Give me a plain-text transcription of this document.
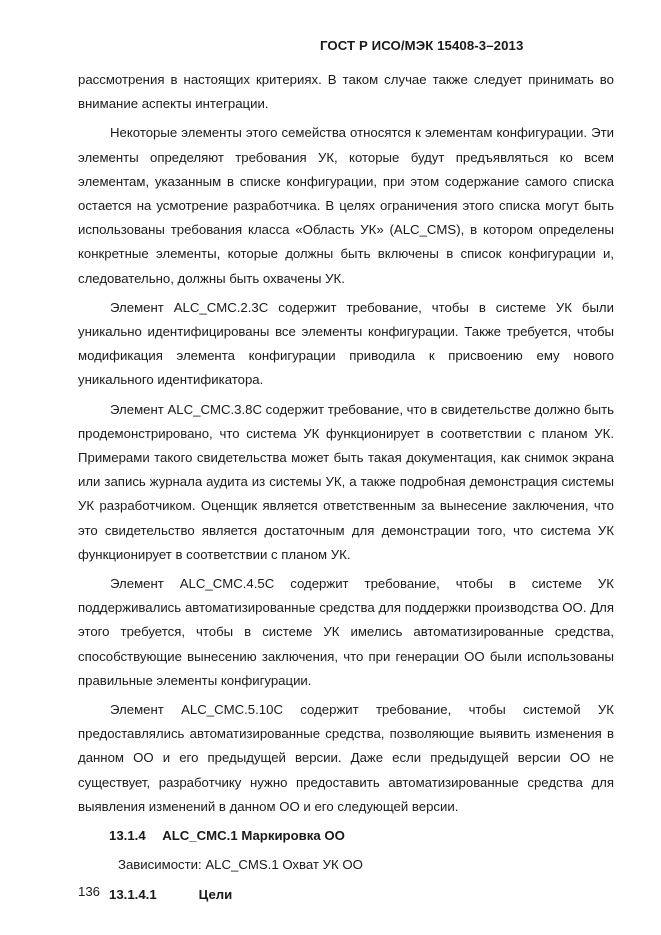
ГОСТ Р ИСО/МЭК 15408-3–2013

рассмотрения в настоящих критериях. В таком случае также следует принимать во внимание аспекты интеграции.

Некоторые элементы этого семейства относятся к элементам конфигурации. Эти элементы определяют требования УК, которые будут предъявляться ко всем элементам, указанным в списке конфигурации, при этом содержание самого списка остается на усмотрение разработчика. В целях ограничения этого списка могут быть использованы требования класса «Область УК» (ALC_CMS), в котором определены конкретные элементы, которые должны быть включены в список конфигурации и, следовательно, должны быть охвачены УК.

Элемент ALC_CMC.2.3C содержит требование, чтобы в системе УК были уникально идентифицированы все элементы конфигурации. Также требуется, чтобы модификация элемента конфигурации приводила к присвоению ему нового уникального идентификатора.

Элемент ALC_CMC.3.8C содержит требование, что в свидетельстве должно быть продемонстрировано, что система УК функционирует в соответствии с планом УК. Примерами такого свидетельства может быть такая документация, как снимок экрана или запись журнала аудита из системы УК, а также подробная демонстрация системы УК разработчиком. Оценщик является ответственным за вынесение заключения, что это свидетельство является достаточным для демонстрации того, что система УК функционирует в соответствии с планом УК.

Элемент ALC_CMC.4.5C содержит требование, чтобы в системе УК поддерживались автоматизированные средства для поддержки производства ОО. Для этого требуется, чтобы в системе УК имелись автоматизированные средства, способствующие вынесению заключения, что при генерации ОО были использованы правильные элементы конфигурации.

Элемент ALC_CMC.5.10C содержит требование, чтобы системой УК предоставлялись автоматизированные средства, позволяющие выявить изменения в данном ОО и его предыдущей версии. Даже если предыдущей версии ОО не существует, разработчику нужно предоставить автоматизированные средства для выявления изменений в данном ОО и его следующей версии.

13.1.4 ALC_CMC.1 Маркировка ОО
Зависимости: ALC_CMS.1 Охват УК ОО
13.1.4.1	Цели
136
